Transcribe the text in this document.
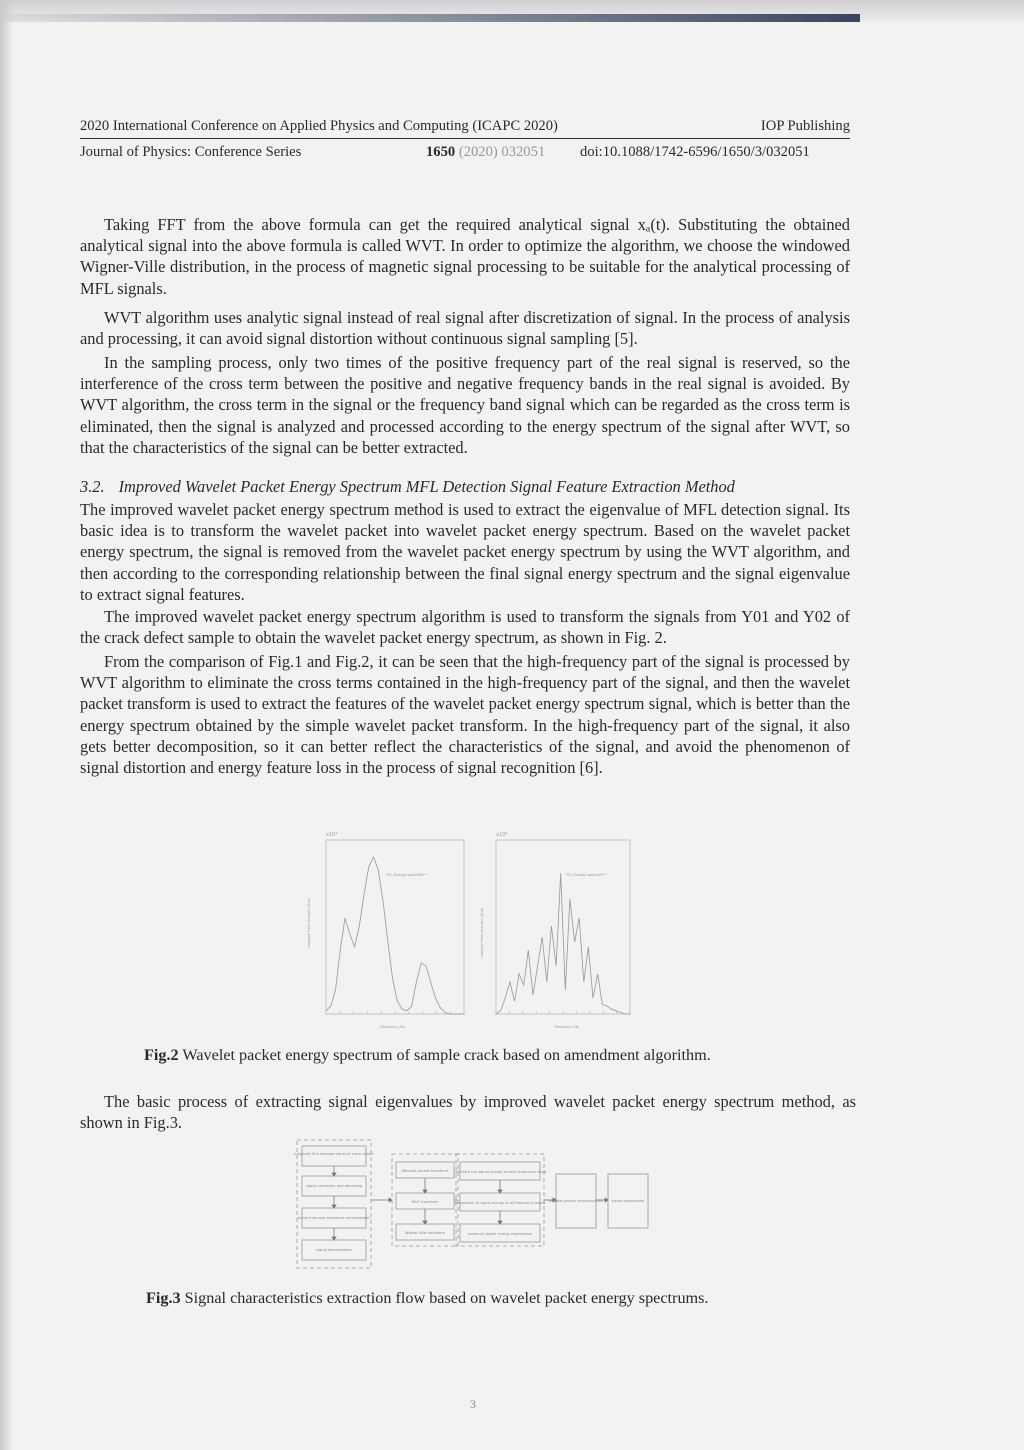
2020 International Conference on Applied Physics and Computing (ICAPC 2020)	IOP Publishing
Journal of Physics: Conference Series	1650 (2020) 032051 doi:10.1088/1742-6596/1650/3/032051

Taking FFT from the above formula can get the required analytical signal xₐ(t). Substituting the obtained analytical signal into the above formula is called WVT. In order to optimize the algorithm, we choose the windowed Wigner-Ville distribution, in the process of magnetic signal processing to be suitable for the analytical processing of MFL signals.

WVT algorithm uses analytic signal instead of real signal after discretization of signal. In the process of analysis and processing, it can avoid signal distortion without continuous signal sampling [5].

In the sampling process, only two times of the positive frequency part of the real signal is reserved, so the interference of the cross term between the positive and negative frequency bands in the real signal is avoided. By WVT algorithm, the cross term in the signal or the frequency band signal which can be regarded as the cross term is eliminated, then the signal is analyzed and processed according to the energy spectrum of the signal after WVT, so that the characteristics of the signal can be better extracted.

3.2. Improved Wavelet Packet Energy Spectrum MFL Detection Signal Feature Extraction Method

The improved wavelet packet energy spectrum method is used to extract the eigenvalue of MFL detection signal. Its basic idea is to transform the wavelet packet into wavelet packet energy spectrum. Based on the wavelet packet energy spectrum, the signal is removed from the wavelet packet energy spectrum by using the WVT algorithm, and then according to the corresponding relationship between the final signal energy spectrum and the signal eigenvalue to extract signal features.

The improved wavelet packet energy spectrum algorithm is used to transform the signals from Y01 and Y02 of the crack defect sample to obtain the wavelet packet energy spectrum, as shown in Fig. 2.

From the comparison of Fig.1 and Fig.2, it can be seen that the high-frequency part of the signal is processed by WVT algorithm to eliminate the cross terms contained in the high-frequency part of the signal, and then the wavelet packet transform is used to extract the features of the wavelet packet energy spectrum signal, which is better than the energy spectrum obtained by the simple wavelet packet transform. In the high-frequency part of the signal, it also gets better decomposition, so it can better reflect the characteristics of the signal, and avoid the phenomenon of signal distortion and energy feature loss in the process of signal recognition [6].

x10⁴
Y01 Energy spectrum
Leakage Field strength (A/m)
Frequency /Hz
x10⁴
Y02 Energy spectrum
Leakage Field strength (A/m)
Frequency /Hz
Fig.2 Wavelet packet energy spectrum of sample crack based on amendment algorithm.

The basic process of extracting signal eigenvalues by improved wavelet packet energy spectrum method, as shown in Fig.3.

magnetic flux leakage signal of crack defect
signal correction and denoising
signal intercept amplitude normalization
signal discretization
Wavelet packet transform
WVT transform
Wigner-Ville transform
calculate the signal energy of each frequency band
integration of signal energy in all frequency bands
construct signal energy eigenvector
wavelet packet reconstruction signal eigenvector
Fig.3 Signal characteristics extraction flow based on wavelet packet energy spectrums.
3
